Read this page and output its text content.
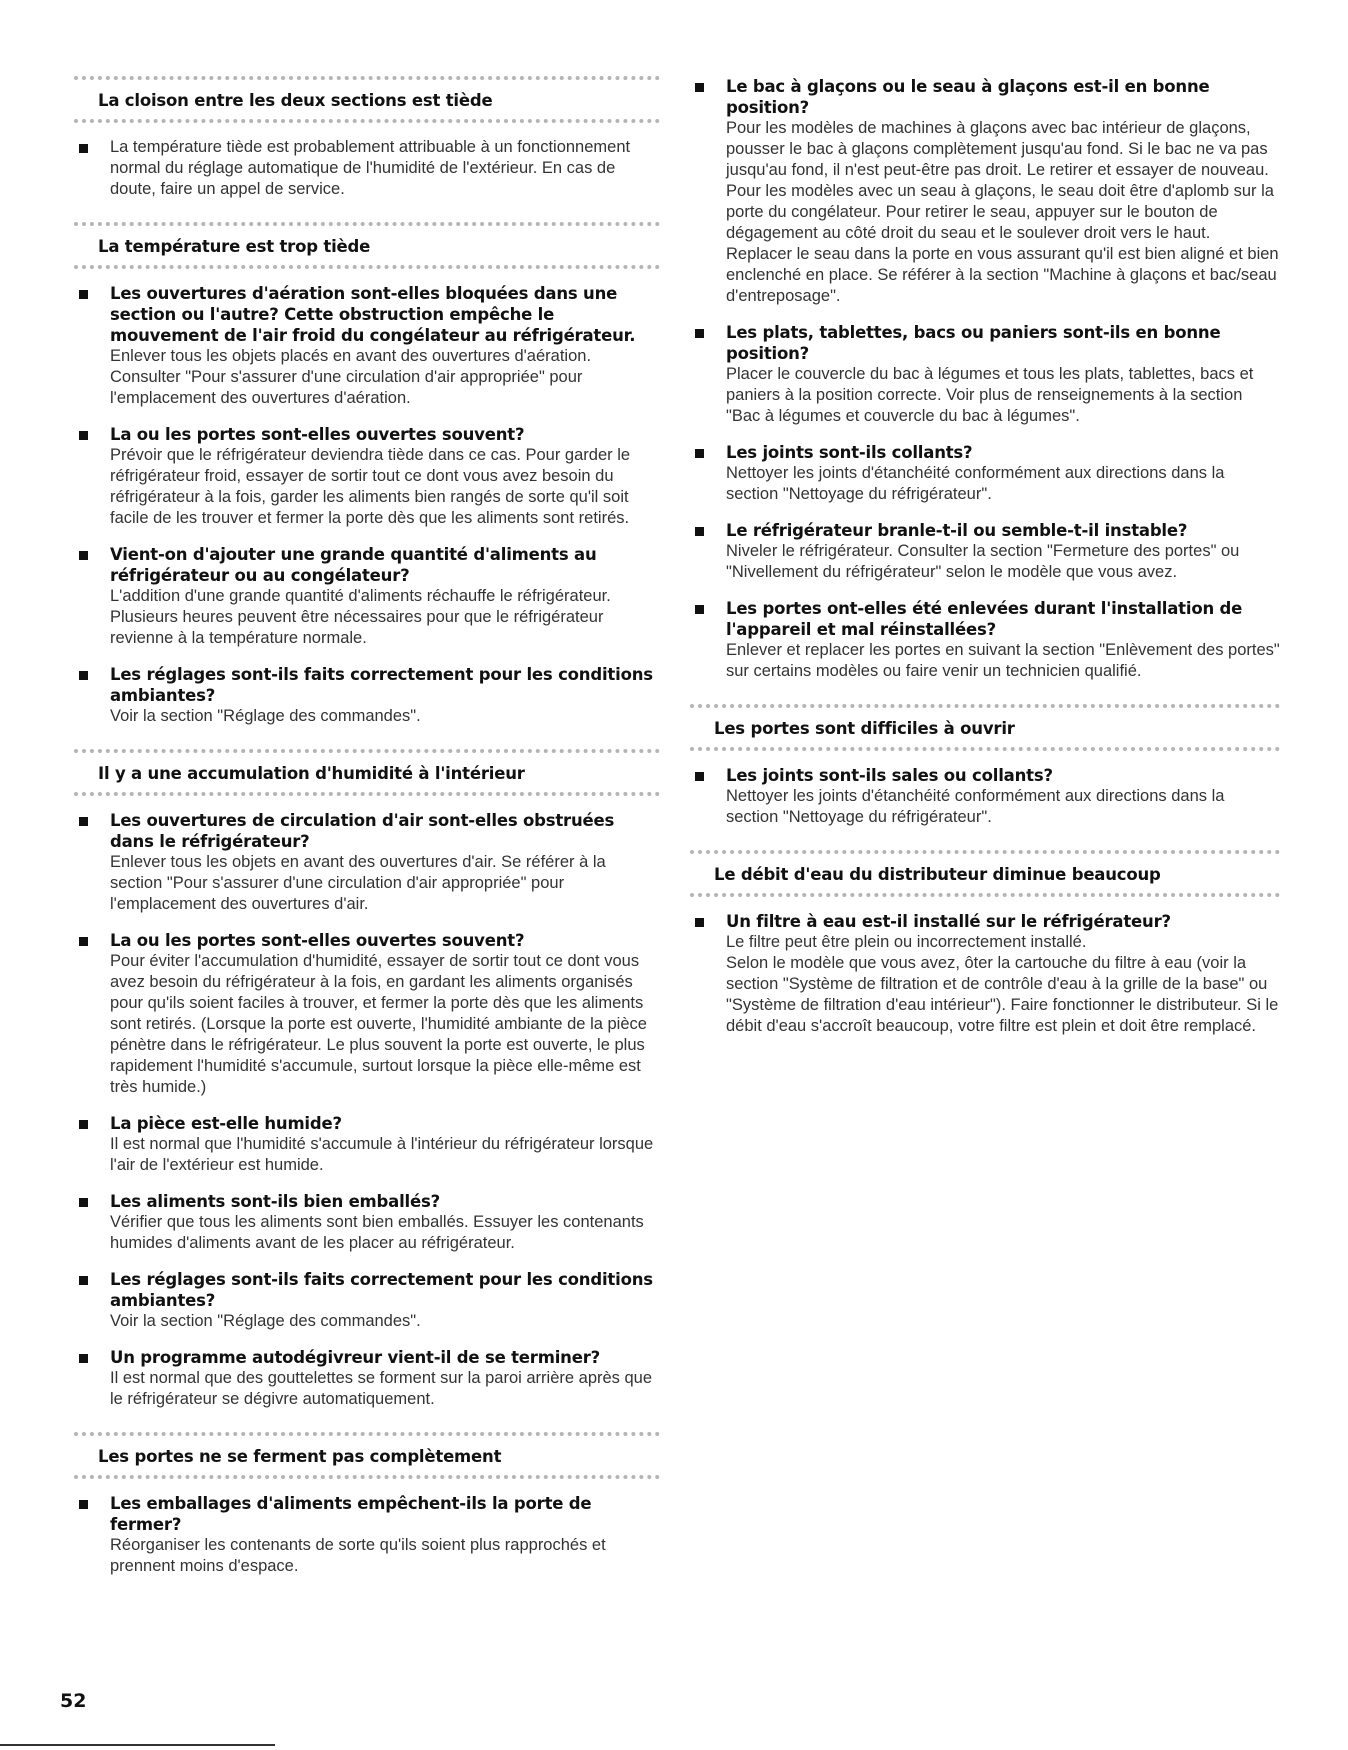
La cloison entre les deux sections est tiède

La température tiède est probablement attribuable à un fonctionnement normal du réglage automatique de l'humidité de l'extérieur. En cas de doute, faire un appel de service.

La température est trop tiède
Les ouvertures d'aération sont-elles bloquées dans une section ou l'autre? Cette obstruction empêche le mouvement de l'air froid du congélateur au réfrigérateur.

Enlever tous les objets placés en avant des ouvertures d'aération. Consulter "Pour s'assurer d'une circulation d'air appropriée" pour l'emplacement des ouvertures d'aération.

La ou les portes sont-elles ouvertes souvent?

Prévoir que le réfrigérateur deviendra tiède dans ce cas. Pour garder le réfrigérateur froid, essayer de sortir tout ce dont vous avez besoin du réfrigérateur à la fois, garder les aliments bien rangés de sorte qu'il soit facile de les trouver et fermer la porte dès que les aliments sont retirés.

Vient-on d'ajouter une grande quantité d'aliments au réfrigérateur ou au congélateur?

L'addition d'une grande quantité d'aliments réchauffe le réfrigérateur. Plusieurs heures peuvent être nécessaires pour que le réfrigérateur revienne à la température normale.

Les réglages sont-ils faits correctement pour les conditions ambiantes?

Voir la section "Réglage des commandes".

Il y a une accumulation d'humidité à l'intérieur
Les ouvertures de circulation d'air sont-elles obstruées dans le réfrigérateur?

Enlever tous les objets en avant des ouvertures d'air. Se référer à la section "Pour s'assurer d'une circulation d'air appropriée" pour l'emplacement des ouvertures d'air.

La ou les portes sont-elles ouvertes souvent?

Pour éviter l'accumulation d'humidité, essayer de sortir tout ce dont vous avez besoin du réfrigérateur à la fois, en gardant les aliments organisés pour qu'ils soient faciles à trouver, et fermer la porte dès que les aliments sont retirés. (Lorsque la porte est ouverte, l'humidité ambiante de la pièce pénètre dans le réfrigérateur. Le plus souvent la porte est ouverte, le plus rapidement l'humidité s'accumule, surtout lorsque la pièce elle-même est très humide.)

La pièce est-elle humide?

Il est normal que l'humidité s'accumule à l'intérieur du réfrigérateur lorsque l'air de l'extérieur est humide.

Les aliments sont-ils bien emballés?

Vérifier que tous les aliments sont bien emballés. Essuyer les contenants humides d'aliments avant de les placer au réfrigérateur.

Les réglages sont-ils faits correctement pour les conditions ambiantes?

Voir la section "Réglage des commandes".

Un programme autodégivreur vient-il de se terminer?

Il est normal que des gouttelettes se forment sur la paroi arrière après que le réfrigérateur se dégivre automatiquement.

Les portes ne se ferment pas complètement
Les emballages d'aliments empêchent-ils la porte de fermer?

Réorganiser les contenants de sorte qu'ils soient plus rapprochés et prennent moins d'espace.

Le bac à glaçons ou le seau à glaçons est-il en bonne position?

Pour les modèles de machines à glaçons avec bac intérieur de glaçons, pousser le bac à glaçons complètement jusqu'au fond. Si le bac ne va pas jusqu'au fond, il n'est peut-être pas droit. Le retirer et essayer de nouveau. Pour les modèles avec un seau à glaçons, le seau doit être d'aplomb sur la porte du congélateur. Pour retirer le seau, appuyer sur le bouton de dégagement au côté droit du seau et le soulever droit vers le haut. Replacer le seau dans la porte en vous assurant qu'il est bien aligné et bien enclenché en place. Se référer à la section "Machine à glaçons et bac/seau d'entreposage".

Les plats, tablettes, bacs ou paniers sont-ils en bonne position?

Placer le couvercle du bac à légumes et tous les plats, tablettes, bacs et paniers à la position correcte. Voir plus de renseignements à la section "Bac à légumes et couvercle du bac à légumes".

Les joints sont-ils collants?

Nettoyer les joints d'étanchéité conformément aux directions dans la section "Nettoyage du réfrigérateur".

Le réfrigérateur branle-t-il ou semble-t-il instable?

Niveler le réfrigérateur. Consulter la section "Fermeture des portes" ou "Nivellement du réfrigérateur" selon le modèle que vous avez.

Les portes ont-elles été enlevées durant l'installation de l'appareil et mal réinstallées?

Enlever et replacer les portes en suivant la section "Enlèvement des portes" sur certains modèles ou faire venir un technicien qualifié.

Les portes sont difficiles à ouvrir
Les joints sont-ils sales ou collants?

Nettoyer les joints d'étanchéité conformément aux directions dans la section "Nettoyage du réfrigérateur".

Le débit d'eau du distributeur diminue beaucoup
Un filtre à eau est-il installé sur le réfrigérateur?

Le filtre peut être plein ou incorrectement installé.

Selon le modèle que vous avez, ôter la cartouche du filtre à eau (voir la section "Système de filtration et de contrôle d'eau à la grille de la base" ou "Système de filtration d'eau intérieur"). Faire fonctionner le distributeur. Si le débit d'eau s'accroît beaucoup, votre filtre est plein et doit être remplacé.

52
